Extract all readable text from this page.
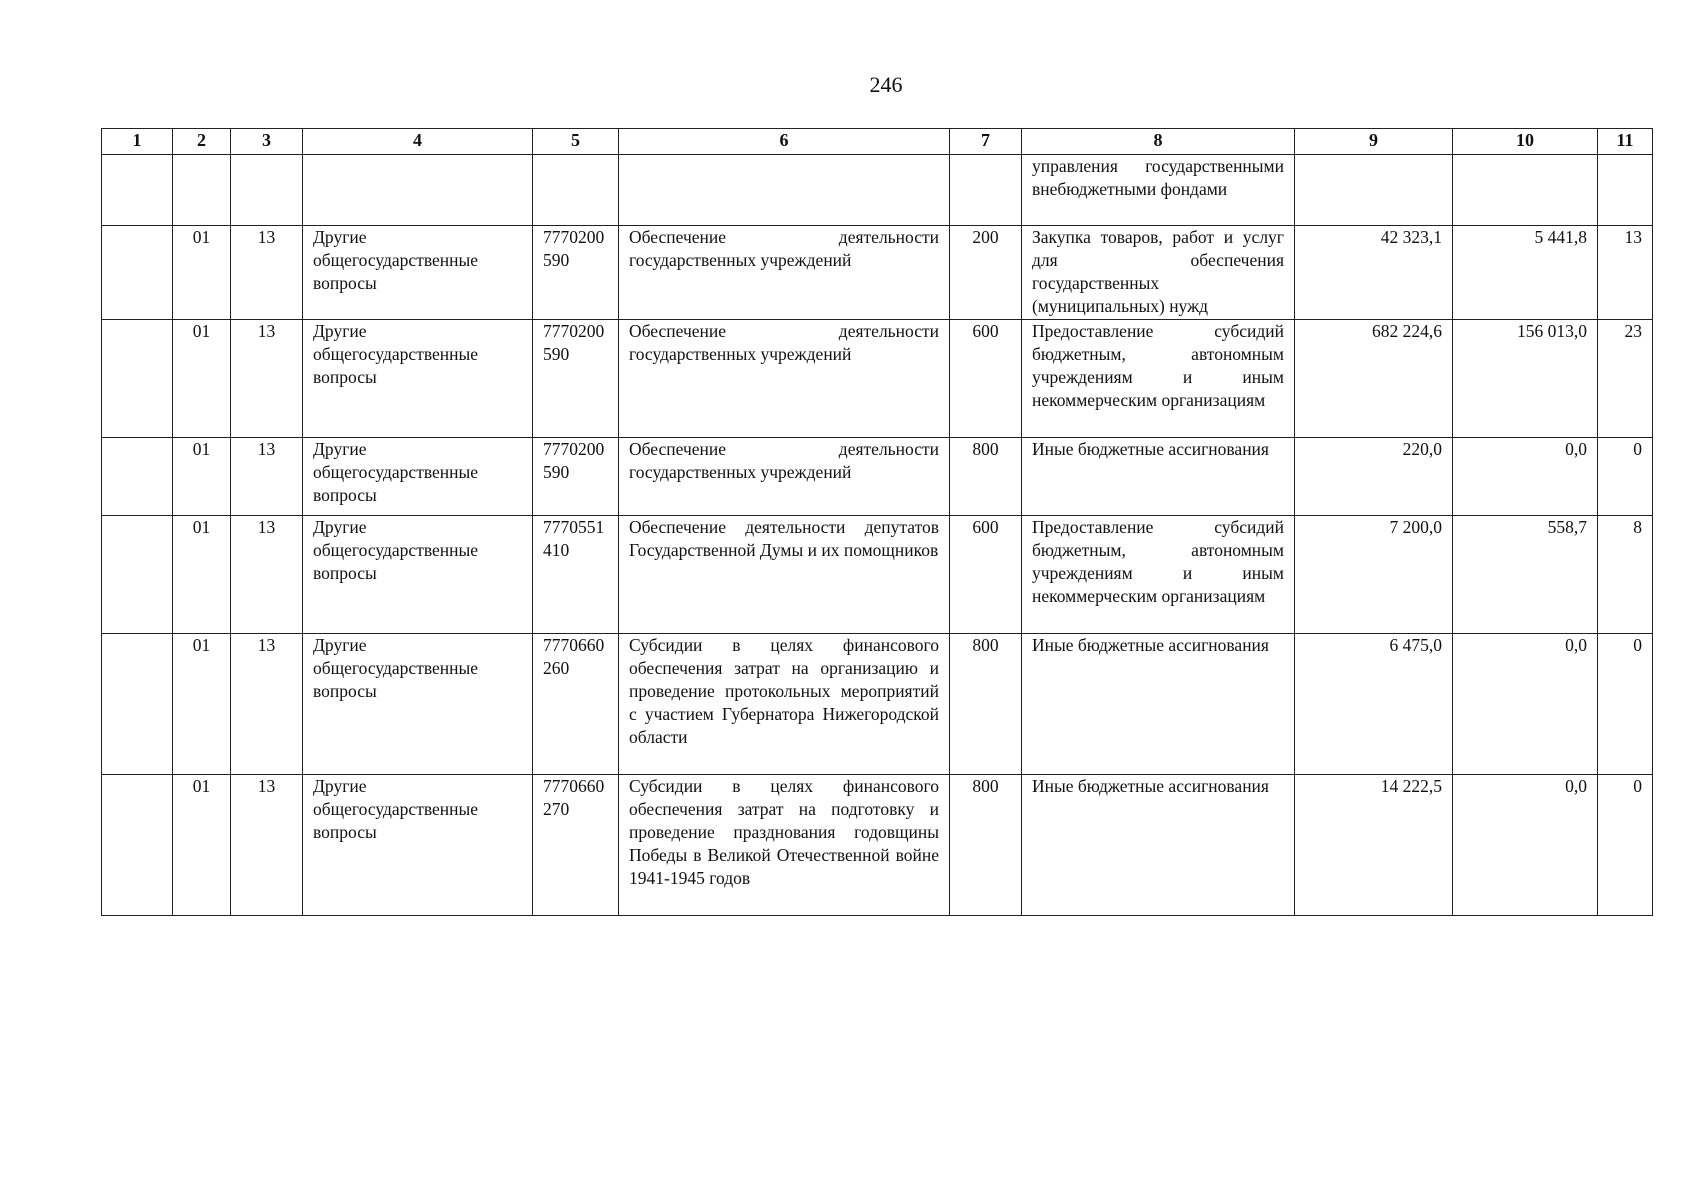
246
1	2	3	4	5	6	7	8	9	10	11
							управления государственными внебюджетными фондами			
	01	13	Другие общегосударственные вопросы	7770200590	Обеспечение деятельности государственных учреждений	200	Закупка товаров, работ и услуг для обеспечения государственных (муниципальных) нужд	42 323,1	5 441,8	13
	01	13	Другие общегосударственные вопросы	7770200590	Обеспечение деятельности государственных учреждений	600	Предоставление субсидий бюджетным, автономным учреждениям и иным некоммерческим организациям	682 224,6	156 013,0	23
	01	13	Другие общегосударственные вопросы	7770200590	Обеспечение деятельности государственных учреждений	800	Иные бюджетные ассигнования	220,0	0,0	0
	01	13	Другие общегосударственные вопросы	7770551410	Обеспечение деятельности депутатов Государственной Думы и их помощников	600	Предоставление субсидий бюджетным, автономным учреждениям и иным некоммерческим организациям	7 200,0	558,7	8
	01	13	Другие общегосударственные вопросы	7770660260	Субсидии в целях финансового обеспечения затрат на организацию и проведение протокольных мероприятий с участием Губернатора Нижегородской области	800	Иные бюджетные ассигнования	6 475,0	0,0	0
	01	13	Другие общегосударственные вопросы	7770660270	Субсидии в целях финансового обеспечения затрат на подготовку и проведение празднования годовщины Победы в Великой Отечественной войне 1941-1945 годов	800	Иные бюджетные ассигнования	14 222,5	0,0	0
